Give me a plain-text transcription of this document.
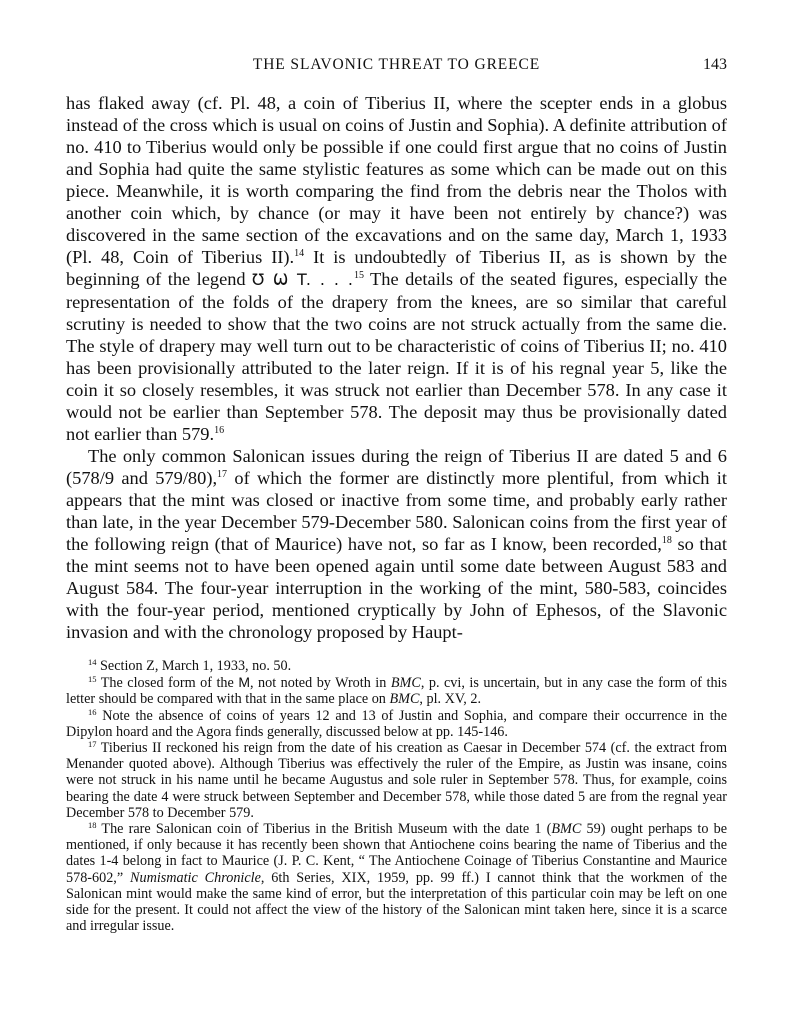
THE SLAVONIC THREAT TO GREECE	143

has flaked away (cf. Pl. 48, a coin of Tiberius II, where the scepter ends in a globus instead of the cross which is usual on coins of Justin and Sophia). A definite attribution of no. 410 to Tiberius would only be possible if one could first argue that no coins of Justin and Sophia had quite the same stylistic features as some which can be made out on this piece. Meanwhile, it is worth comparing the find from the debris near the Tholos with another coin which, by chance (or may it have been not entirely by chance?) was discovered in the same section of the excavations and on the same day, March 1, 1933 (Pl. 48, Coin of Tiberius II).$^{14}$ It is undoubtedly of Tiberius II, as is shown by the beginning of the legend Ʊ Ѡ T. . . .$^{15}$ The details of the seated figures, especially the representation of the folds of the drapery from the knees, are so similar that careful scrutiny is needed to show that the two coins are not struck actually from the same die. The style of drapery may well turn out to be characteristic of coins of Tiberius II; no. 410 has been provisionally attributed to the later reign. If it is of his regnal year 5, like the coin it so closely resembles, it was struck not earlier than December 578. In any case it would not be earlier than September 578. The deposit may thus be provisionally dated not earlier than 579.16

The only common Salonican issues during the reign of Tiberius II are dated 5 and 6 (578/9 and 579/80),$^{17}$ of which the former are distinctly more plentiful, from which it appears that the mint was closed or inactive from some time, and probably early rather than late, in the year December 579-December 580. Salonican coins from the first year of the following reign (that of Maurice) have not, so far as I know, been recorded,$^{18}$ so that the mint seems not to have been opened again until some date between August 583 and August 584. The four-year interruption in the working of the mint, 580-583, coincides with the four-year period, mentioned cryptically by John of Ephesos, of the Slavonic invasion and with the chronology proposed by Haupt-

$^{14}$ Section Z, March 1, 1933, no. 50.

$^{15}$ The closed form of the M, not noted by Wroth in BMC, p. cvi, is uncertain, but in any case the form of this letter should be compared with that in the same place on BMC, pl. XV, 2.

$^{16}$ Note the absence of coins of years 12 and 13 of Justin and Sophia, and compare their occurrence in the Dipylon hoard and the Agora finds generally, discussed below at pp. 145-146.

$^{17}$ Tiberius II reckoned his reign from the date of his creation as Caesar in December 574 (cf. the extract from Menander quoted above). Although Tiberius was effectively the ruler of the Empire, as Justin was insane, coins were not struck in his name until he became Augustus and sole ruler in September 578. Thus, for example, coins bearing the date 4 were struck between September and December 578, while those dated 5 are from the regnal year December 578 to December 579.

$^{18}$ The rare Salonican coin of Tiberius in the British Museum with the date 1 (BMC 59) ought perhaps to be mentioned, if only because it has recently been shown that Antiochene coins bearing the name of Tiberius and the dates 1-4 belong in fact to Maurice (J. P. C. Kent, “ The Antiochene Coinage of Tiberius Constantine and Maurice 578-602,” Numismatic Chronicle, 6th Series, XIX, 1959, pp. 99 ff.) I cannot think that the workmen of the Salonican mint would make the same kind of error, but the interpretation of this particular coin may be left on one side for the present. It could not affect the view of the history of the Salonican mint taken here, since it is a scarce and irregular issue.
